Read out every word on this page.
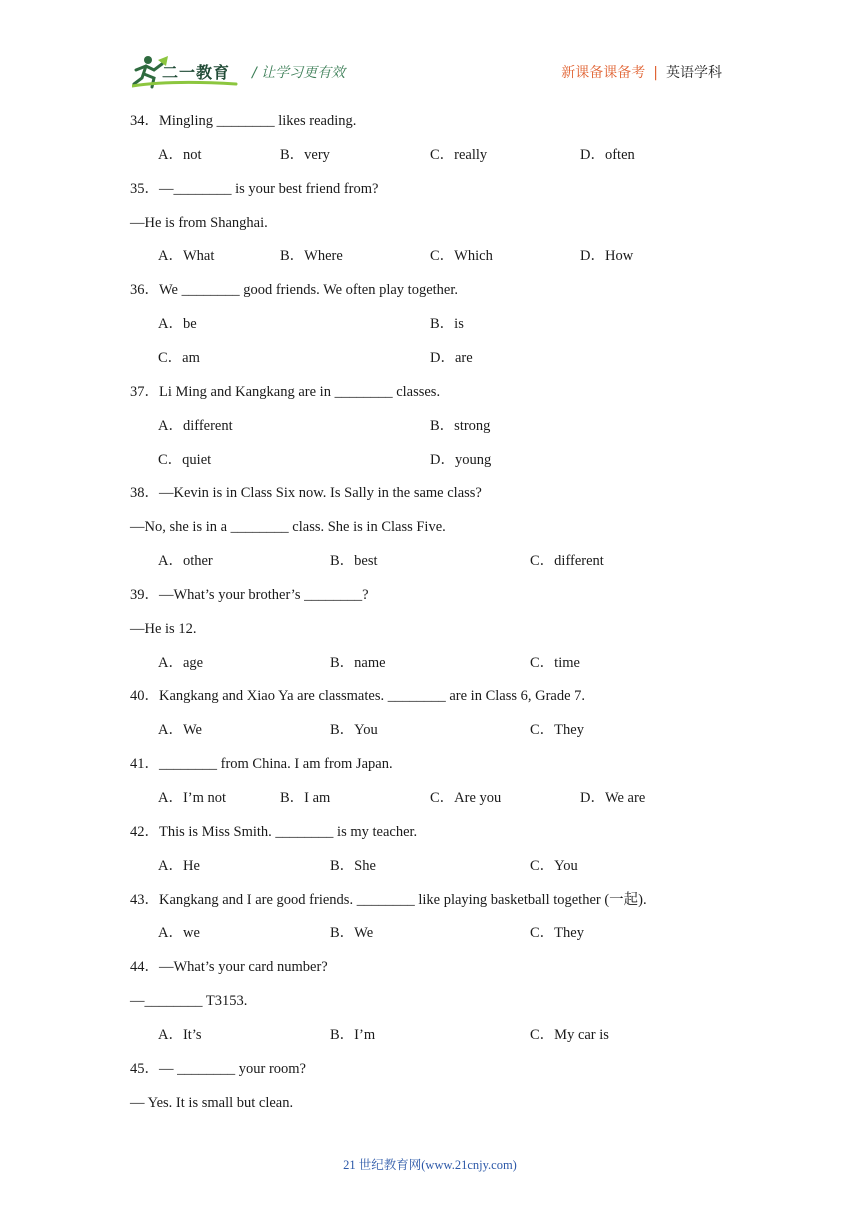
二一教育 / 让学习更有效	新课备课备考 | 英语学科
34．Mingling ________ likes reading.
A．not	B．very	C．really	D．often
35．—________ is your best friend from?
—He is from Shanghai.
A．What	B．Where	C．Which	D．How
36．We ________ good friends. We often play together.
A．be	B．is
C．am	D．are
37．Li Ming and Kangkang are in ________ classes.
A．different	B．strong
C．quiet	D．young
38．—Kevin is in Class Six now. Is Sally in the same class?
—No, she is in a ________ class. She is in Class Five.
A．other	B．best	C．different
39．—What’s your brother’s ________?
—He is 12.
A．age	B．name	C．time
40．Kangkang and Xiao Ya are classmates. ________ are in Class 6, Grade 7.
A．We	B．You	C．They
41．________ from China. I am from Japan.
A．I’m not	B．I am	C．Are you	D．We are
42．This is Miss Smith. ________ is my teacher.
A．He	B．She	C．You
43．Kangkang and I are good friends. ________ like playing basketball together (一起).
A．we	B．We	C．They
44．—What’s your card number?
—________ T3153.
A．It’s	B．I’m	C．My car is
45．— ________ your room?
— Yes. It is small but clean.
21 世纪教育网(www.21cnjy.com)
